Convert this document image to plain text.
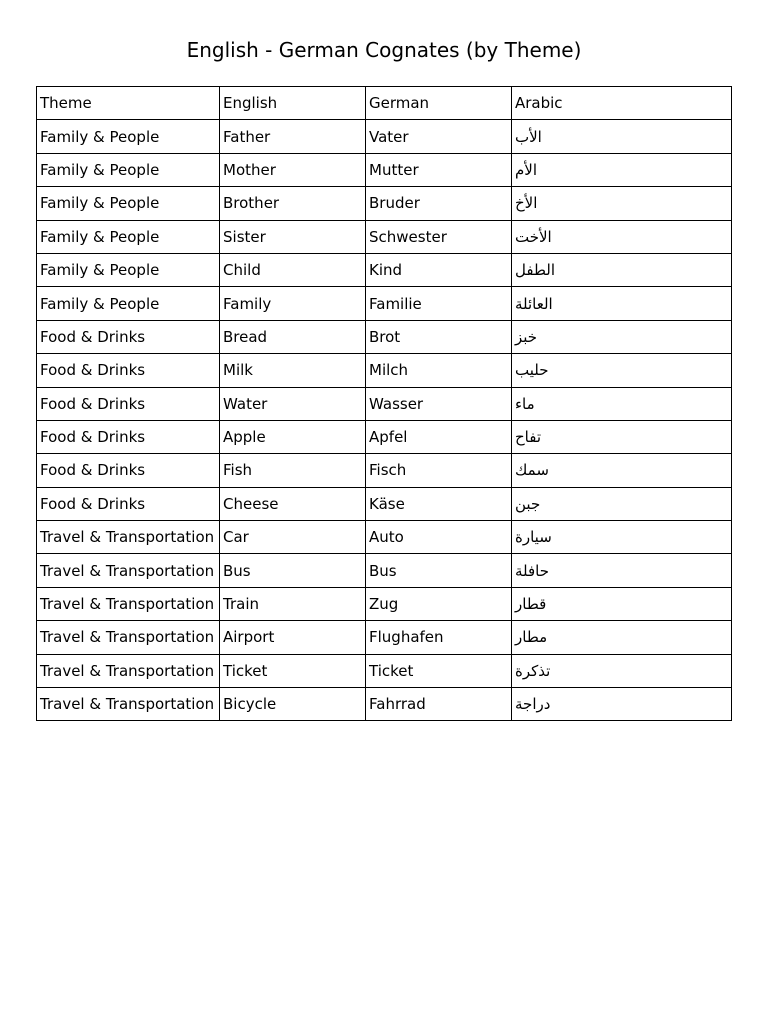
English - German Cognates (by Theme)
Theme	English	German	Arabic
Family & People	Father	Vater	الأب
Family & People	Mother	Mutter	الأم
Family & People	Brother	Bruder	الأخ
Family & People	Sister	Schwester	الأخت
Family & People	Child	Kind	الطفل
Family & People	Family	Familie	العائلة
Food & Drinks	Bread	Brot	خبز
Food & Drinks	Milk	Milch	حليب
Food & Drinks	Water	Wasser	ماء
Food & Drinks	Apple	Apfel	تفاح
Food & Drinks	Fish	Fisch	سمك
Food & Drinks	Cheese	Käse	جبن
Travel & Transportation	Car	Auto	سيارة
Travel & Transportation	Bus	Bus	حافلة
Travel & Transportation	Train	Zug	قطار
Travel & Transportation	Airport	Flughafen	مطار
Travel & Transportation	Ticket	Ticket	تذكرة
Travel & Transportation	Bicycle	Fahrrad	دراجة
